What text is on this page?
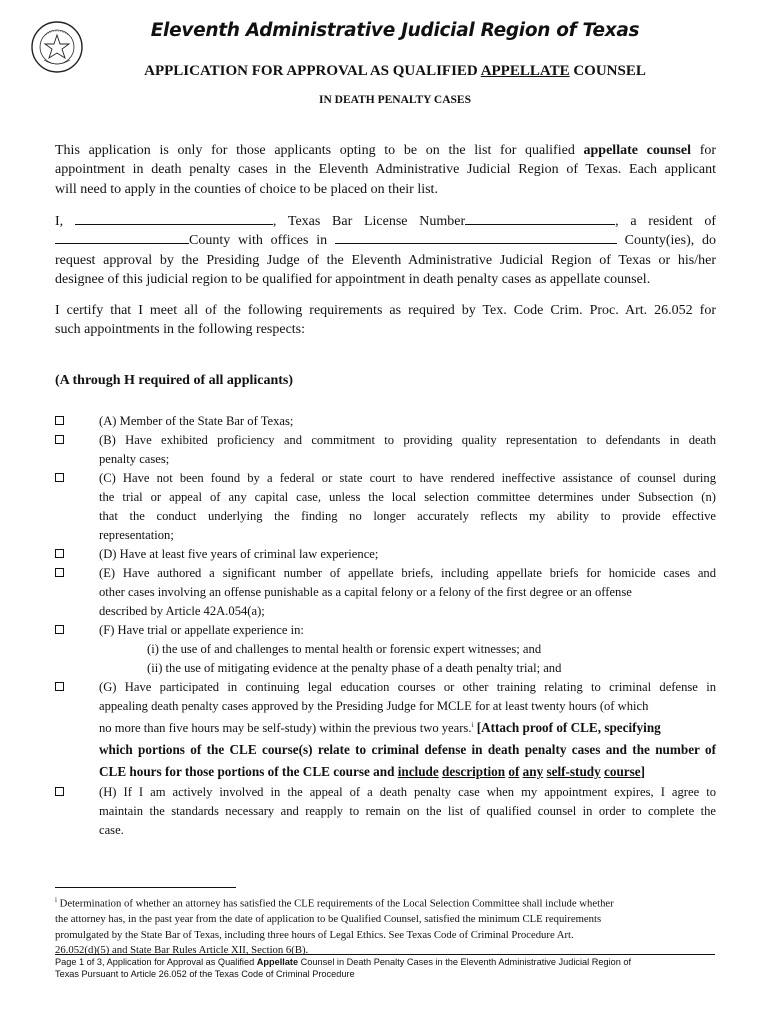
Eleventh Administrative Judicial Region of Texas
APPLICATION FOR APPROVAL AS QUALIFIED APPELLATE COUNSEL
IN DEATH PENALTY CASES
This application is only for those applicants opting to be on the list for qualified appellate counsel for
appointment in death penalty cases in the Eleventh Administrative Judicial Region of Texas. Each applicant
will need to apply in the counties of choice to be placed on their list.
I,	, Texas Bar License Number	, a resident of
County with offices in	County(ies), do
request approval by the Presiding Judge of the Eleventh Administrative Judicial Region of Texas or his/her
designee of this judicial region to be qualified for appointment in death penalty cases as appellate counsel.
I certify that I meet all of the following requirements as required by Tex. Code Crim. Proc. Art. 26.052 for
such appointments in the following respects:
(A through H required of all applicants)
(A) Member of the State Bar of Texas;
(B) Have exhibited proficiency and commitment to providing quality representation to defendants in death
penalty cases;
(C) Have not been found by a federal or state court to have rendered ineffective assistance of counsel during
the trial or appeal of any capital case, unless the local selection committee determines under Subsection (n)
that the conduct underlying the finding no longer accurately reflects my ability to provide effective
representation;
(D) Have at least five years of criminal law experience;
(E) Have authored a significant number of appellate briefs, including appellate briefs for homicide cases and
other cases involving an offense punishable as a capital felony or a felony of the first degree or an offense
described by Article 42A.054(a);
(F) Have trial or appellate experience in:
(i) the use of and challenges to mental health or forensic expert witnesses; and
(ii) the use of mitigating evidence at the penalty phase of a death penalty trial; and
(G) Have participated in continuing legal education courses or other training relating to criminal defense in
appealing death penalty cases approved by the Presiding Judge for MCLE for at least twenty hours (of which
no more than five hours may be self-study) within the previous two years.$^i$ [Attach proof of CLE, specifying
which portions of the CLE course(s) relate to criminal defense in death penalty cases and the number of
CLE hours for those portions of the CLE course and include description of any self-study course]
(H) If I am actively involved in the appeal of a death penalty case when my appointment expires, I agree to
maintain the standards necessary and reapply to remain on the list of qualified counsel in order to complete the
case.
$^i$ Determination of whether an attorney has satisfied the CLE requirements of the Local Selection Committee shall include whether
the attorney has, in the past year from the date of application to be Qualified Counsel, satisfied the minimum CLE requirements
promulgated by the State Bar of Texas, including three hours of Legal Ethics. See Texas Code of Criminal Procedure Art.
26.052(d)(5) and State Bar Rules Article XII, Section 6(B).
Page 1 of 3, Application for Approval as Qualified Appellate Counsel in Death Penalty Cases in the Eleventh Administrative Judicial Region of
Texas Pursuant to Article 26.052 of the Texas Code of Criminal Procedure
